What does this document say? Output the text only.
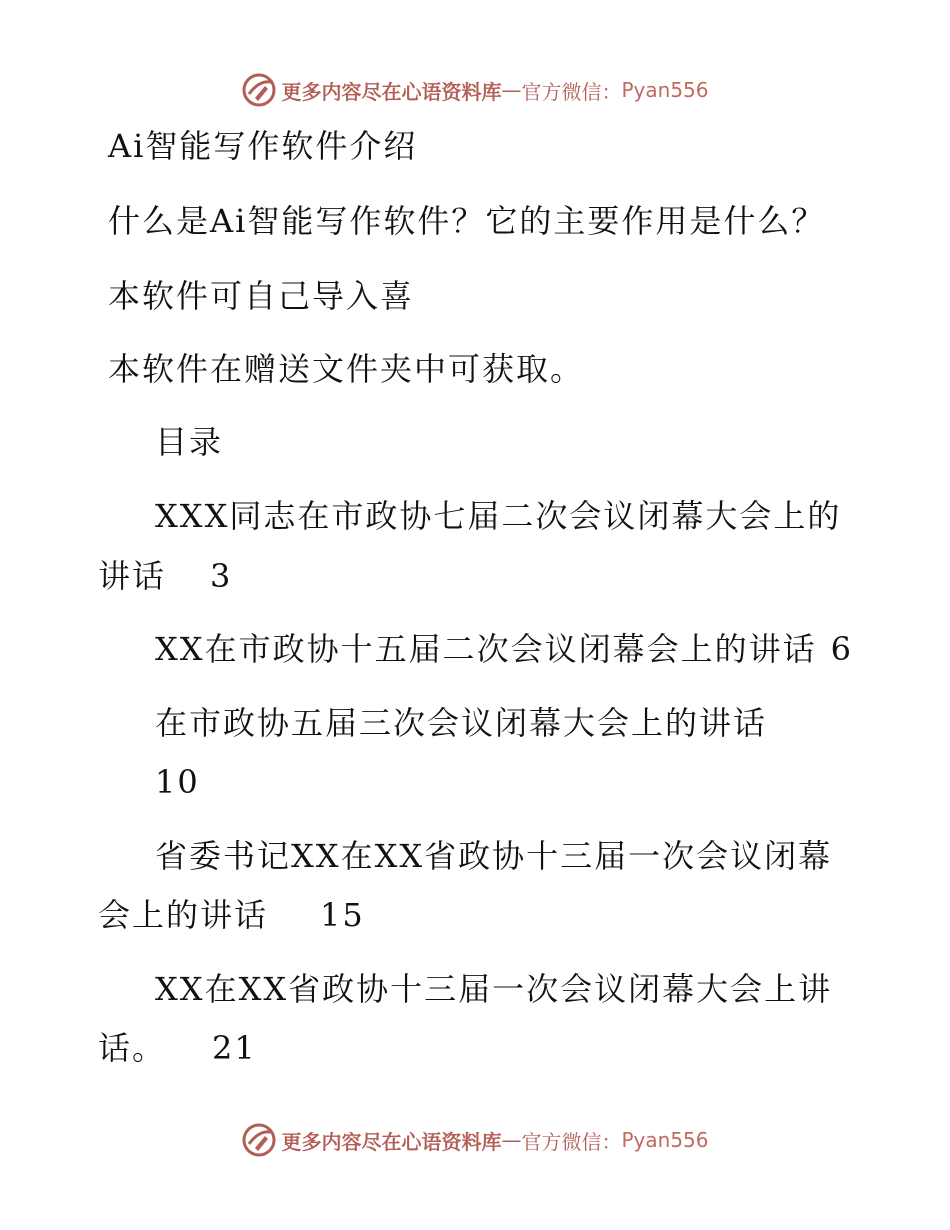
更多内容尽在心语资料库 — 官方微信： Pyan556
Ai智能写作软件介绍
什么是Ai智能写作软件？它的主要作用是什么？
本软件可自己导入喜
本软件在赠送文件夹中可获取。
目录
XXX同志在市政协七届二次会议闭幕大会上的
讲话 3
XX在市政协十五届二次会议闭幕会上的讲话 6
在市政协五届三次会议闭幕大会上的讲话
10
省委书记XX在XX省政协十三届一次会议闭幕
会上的讲话 15
XX在XX省政协十三届一次会议闭幕大会上讲
话。 21
更多内容尽在心语资料库 — 官方微信： Pyan556
